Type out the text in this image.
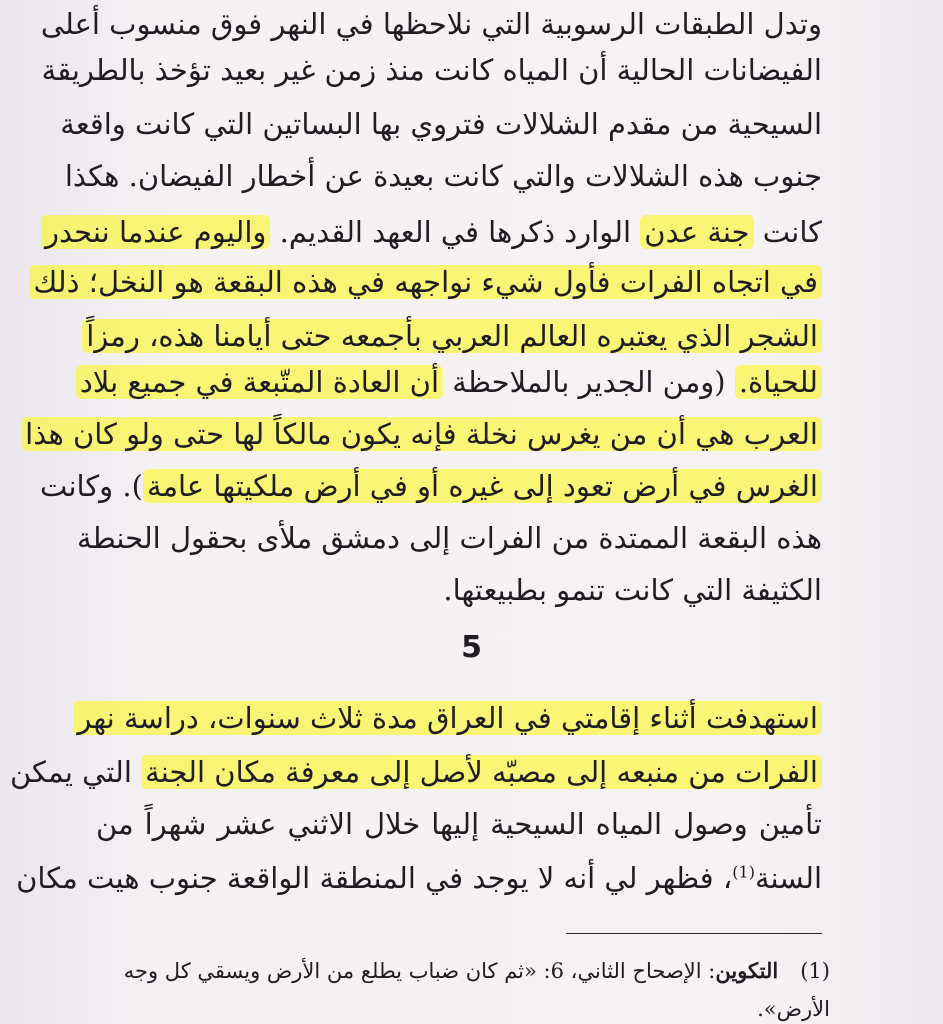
وتدل الطبقات الرسوبية التي نلاحظها في النهر فوق منسوب أعلى
الفيضانات الحالية أن المياه كانت منذ زمن غير بعيد تؤخذ بالطريقة
السيحية من مقدم الشلالات فتروي بها البساتين التي كانت واقعة
جنوب هذه الشلالات والتي كانت بعيدة عن أخطار الفيضان. هكذا
كانت جنة عدن الوارد ذكرها في العهد القديم. واليوم عندما ننحدر
في اتجاه الفرات فأول شيء نواجهه في هذه البقعة هو النخل؛ ذلك
الشجر الذي يعتبره العالم العربي بأجمعه حتى أيامنا هذه، رمزاً
للحياة. (ومن الجدير بالملاحظة أن العادة المتّبعة في جميع بلاد
العرب هي أن من يغرس نخلة فإنه يكون مالكاً لها حتى ولو كان هذا
الغرس في أرض تعود إلى غيره أو في أرض ملكيتها عامة). وكانت
هذه البقعة الممتدة من الفرات إلى دمشق ملأى بحقول الحنطة
الكثيفة التي كانت تنمو بطبيعتها.
استهدفت أثناء إقامتي في العراق مدة ثلاث سنوات، دراسة نهر
الفرات من منبعه إلى مصبّه لأصل إلى معرفة مكان الجنة التي يمكن
تأمين وصول المياه السيحية إليها خلال الاثني عشر شهراً من
السنة$^{(1)}$، فظهر لي أنه لا يوجد في المنطقة الواقعة جنوب هيت مكان
5
(1)التكوين: الإصحاح الثاني، 6: «ثم كان ضباب يطلع من الأرض ويسقي كل وجه
الأرض».
